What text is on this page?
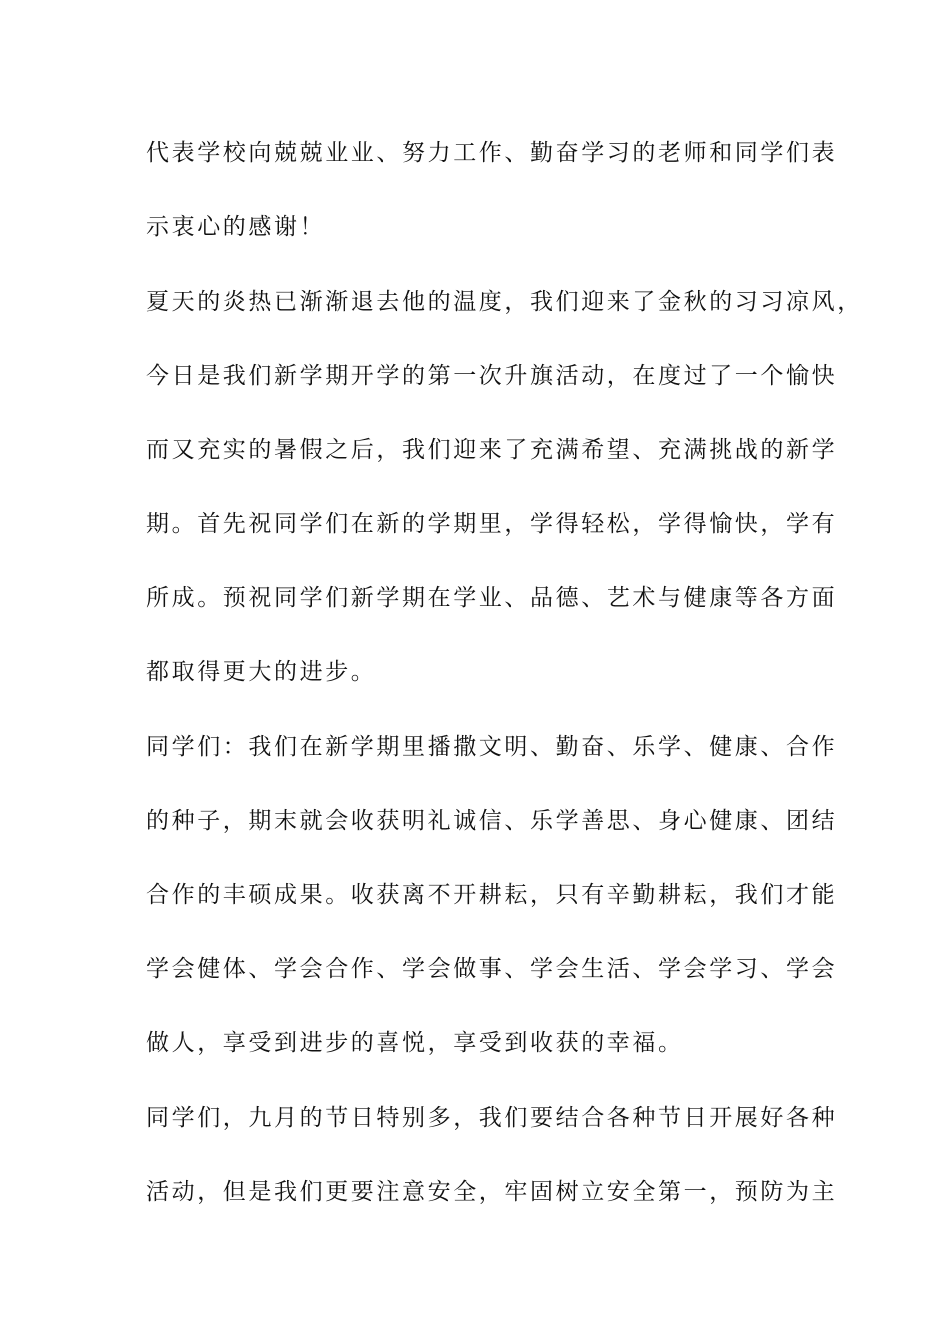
代表学校向兢兢业业、努力工作、勤奋学习的老师和同学们表
示衷心的感谢！
夏天的炎热已渐渐退去他的温度，我们迎来了金秋的习习凉风，
今日是我们新学期开学的第一次升旗活动，在度过了一个愉快
而又充实的暑假之后，我们迎来了充满希望、充满挑战的新学
期。首先祝同学们在新的学期里，学得轻松，学得愉快，学有
所成。预祝同学们新学期在学业、品德、艺术与健康等各方面
都取得更大的进步。
同学们：我们在新学期里播撒文明、勤奋、乐学、健康、合作
的种子，期末就会收获明礼诚信、乐学善思、身心健康、团结
合作的丰硕成果。收获离不开耕耘，只有辛勤耕耘，我们才能
学会健体、学会合作、学会做事、学会生活、学会学习、学会
做人，享受到进步的喜悦，享受到收获的幸福。
同学们，九月的节日特别多，我们要结合各种节日开展好各种
活动，但是我们更要注意安全，牢固树立安全第一，预防为主
